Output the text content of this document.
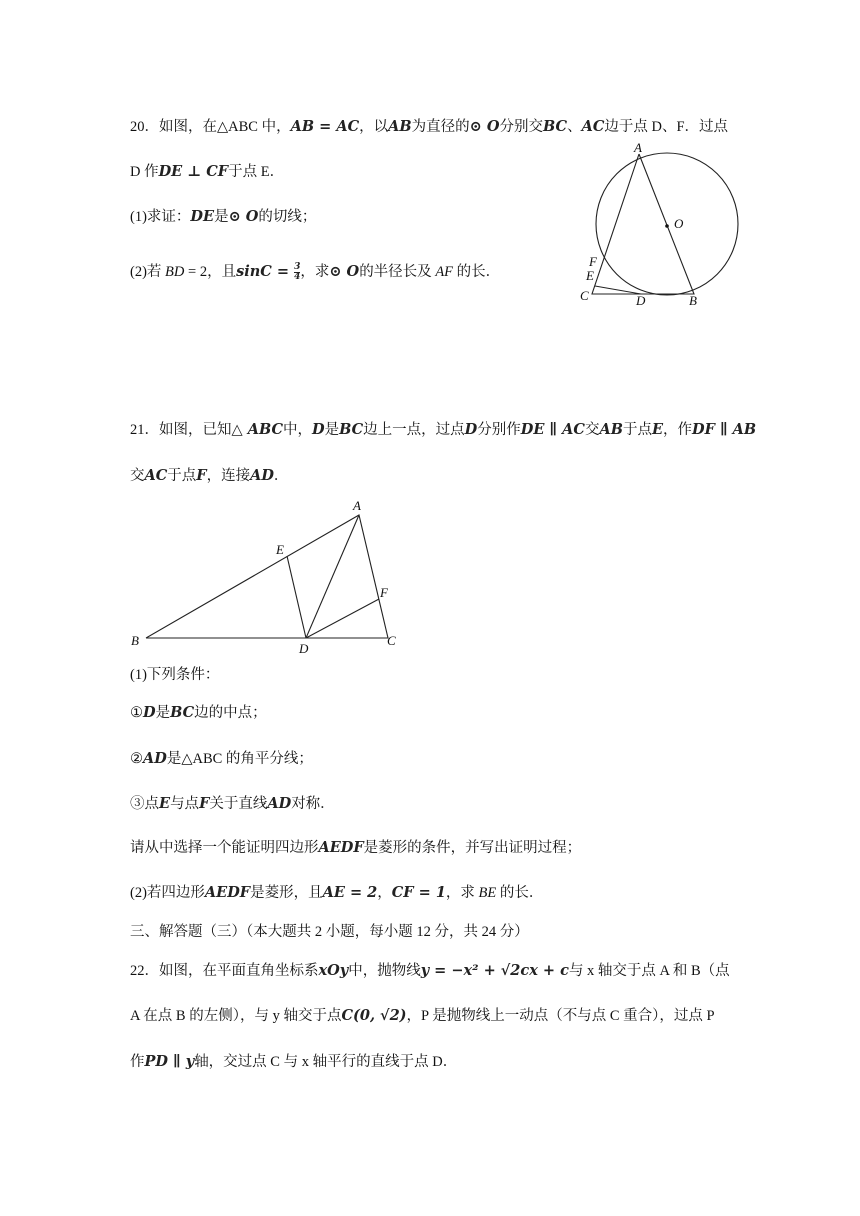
20．如图，在△ABC 中，AB = AC，以AB为直径的⊙ O分别交BC、AC边于点 D、F．过点
D 作DE ⊥ CF于点 E．
(1)求证：DE是⊙ O的切线；
(2)若 BD = 2，且$\sin C = \frac{3}{4}$ ，求⊙ O的半径长及 AF 的长．
A
O
F
E
C	D	B
21．如图，已知△ ABC中，D是BC边上一点，过点D分别作DE ∥ AC交AB于点E，作DF ∥ AB
交AC于点F，连接AD．
A
E
F
B
D
C
(1)下列条件：
①D是BC边的中点；
②AD是△ABC 的角平分线；
③点E与点F关于直线AD对称．
请从中选择一个能证明四边形AEDF是菱形的条件，并写出证明过程；
(2)若四边形AEDF是菱形，且AE = 2，CF = 1，求 BE 的长．
三、解答题（三）（本大题共 2 小题，每小题 12 分，共 24 分）
22．如图，在平面直角坐标系xOy中，抛物线y = −x² + √2cx + c与 x 轴交于点 A 和 B（点
A 在点 B 的左侧），与 y 轴交于点C(0, √2)，P 是抛物线上一动点（不与点 C 重合），过点 P
作PD ∥ y轴，交过点 C 与 x 轴平行的直线于点 D．
